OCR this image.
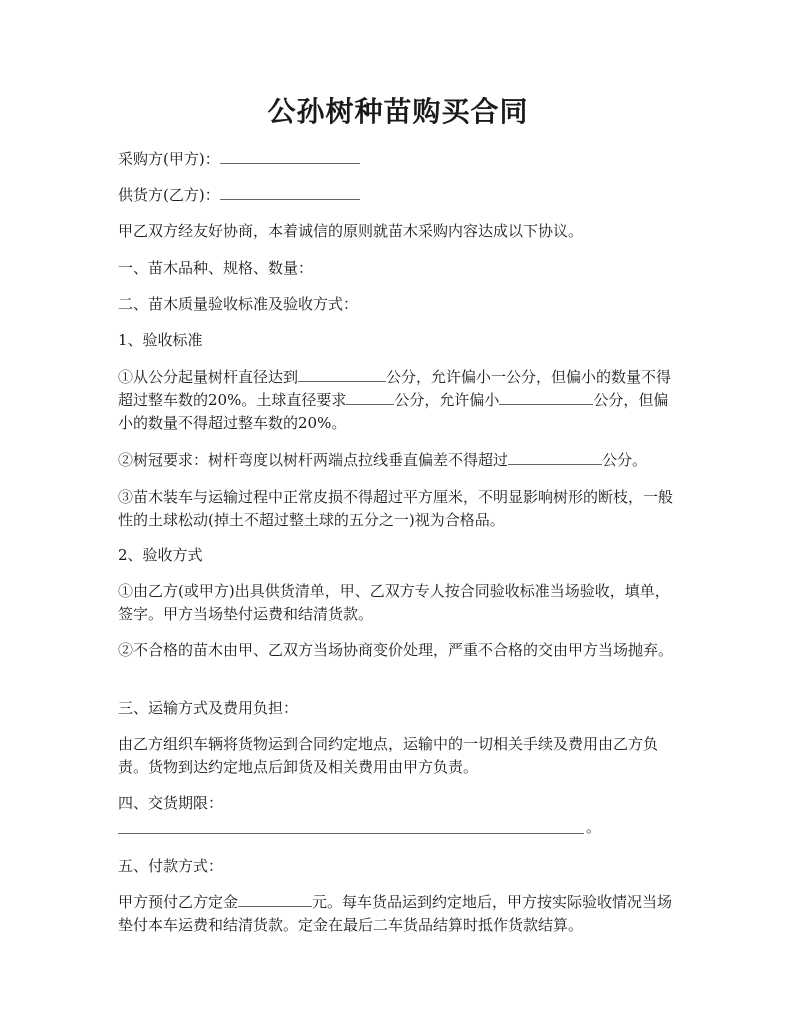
公孙树种苗购买合同

采购方(甲方)：

供货方(乙方)：

甲乙双方经友好协商，本着诚信的原则就苗木采购内容达成以下协议。

一、苗木品种、规格、数量：

二、苗木质量验收标准及验收方式：

1、验收标准

①从公分起量树杆直径达到	公分，允许偏小一公分，但偏小的数量不得超过整车数的20%。土球直径要求	公分，允许偏小	公分，但偏小的数量不得超过整车数的20%。

②树冠要求：树杆弯度以树杆两端点拉线垂直偏差不得超过	公分。

③苗木装车与运输过程中正常皮损不得超过平方厘米，不明显影响树形的断枝，一般性的土球松动(掉土不超过整土球的五分之一)视为合格品。

2、验收方式

①由乙方(或甲方)出具供货清单，甲、乙双方专人按合同验收标准当场验收，填单，签字。甲方当场垫付运费和结清货款。

②不合格的苗木由甲、乙双方当场协商变价处理，严重不合格的交由甲方当场抛弃。

三、运输方式及费用负担：

由乙方组织车辆将货物运到合同约定地点，运输中的一切相关手续及费用由乙方负责。货物到达约定地点后卸货及相关费用由甲方负责。

四、交货期限：

。

五、付款方式：

甲方预付乙方定金	元。每车货品运到约定地后，甲方按实际验收情况当场垫付本车运费和结清货款。定金在最后二车货品结算时抵作货款结算。
